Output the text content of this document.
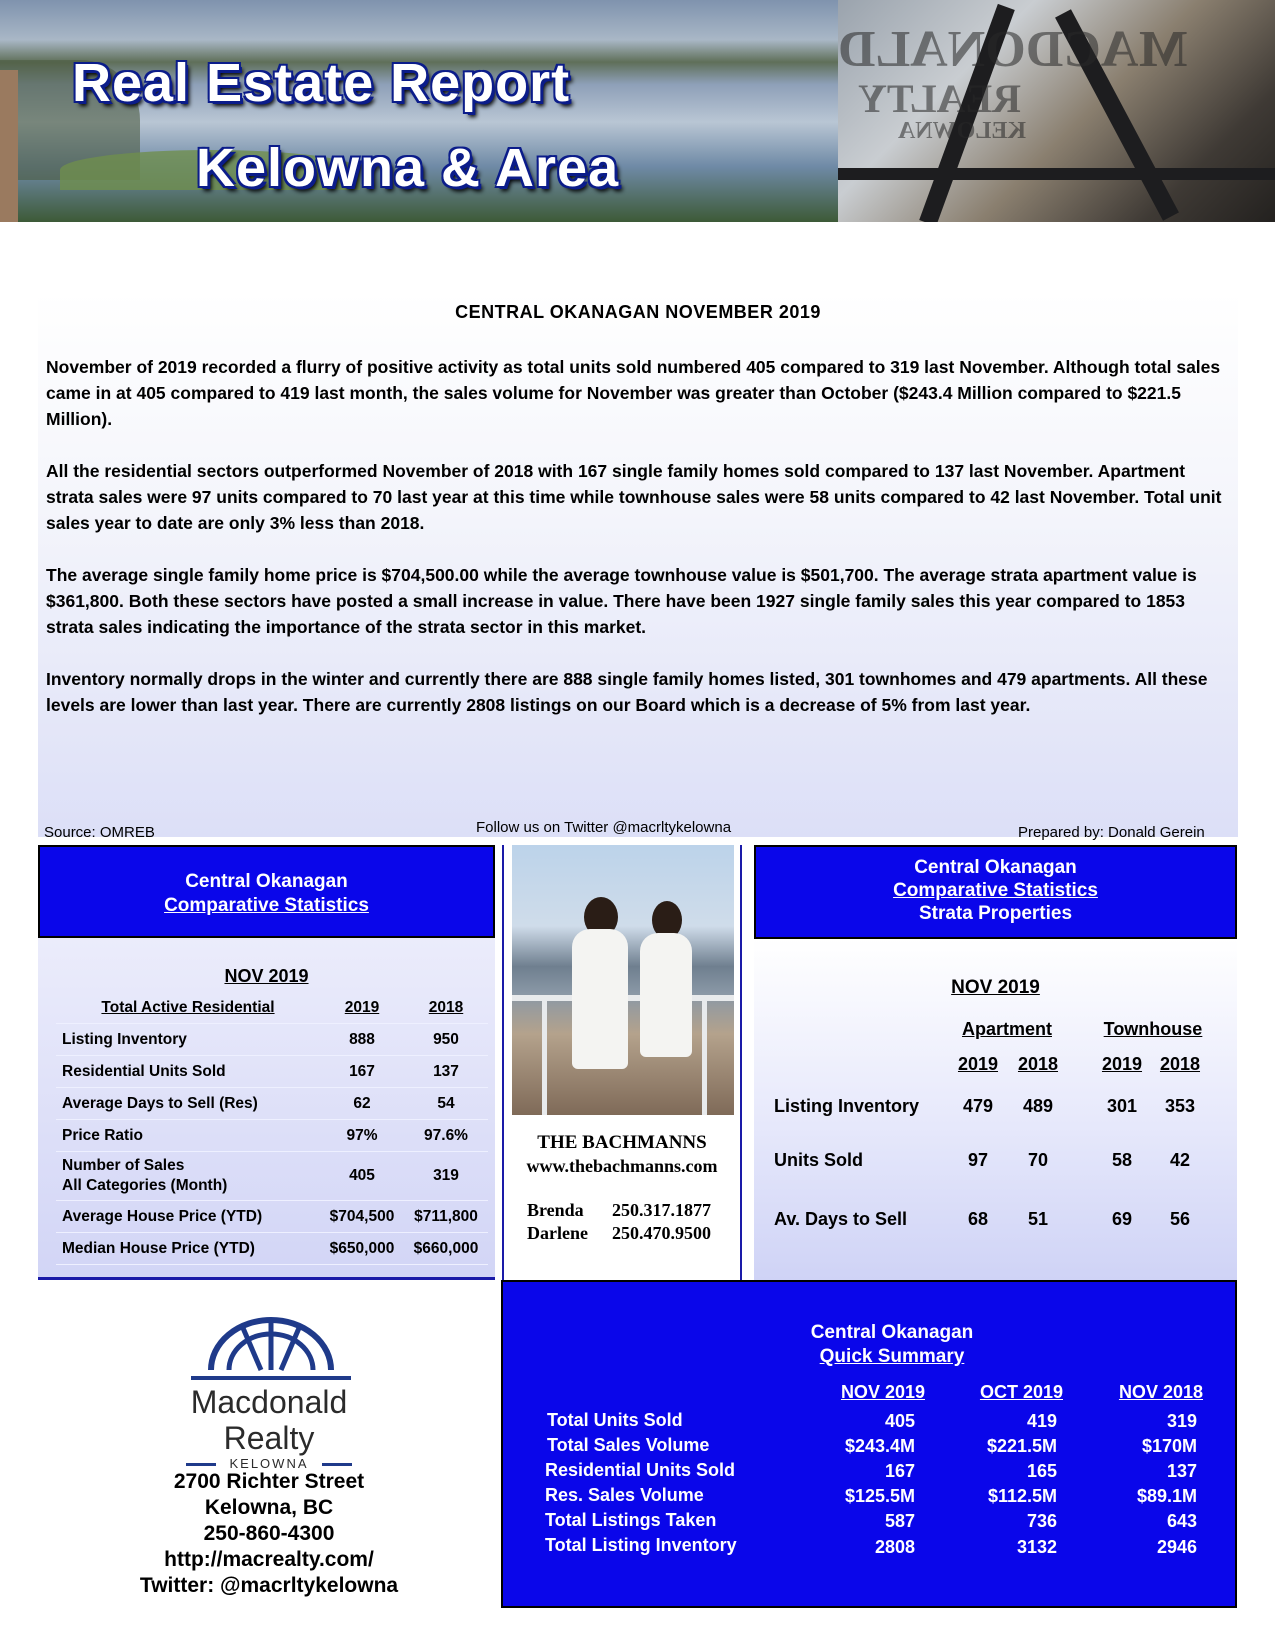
MACDONALD
REALTY
KELOWNA
Real Estate Report
Kelowna & Area
CENTRAL OKANAGAN NOVEMBER 2019
November of 2019 recorded a flurry of positive activity as total units sold numbered 405 compared to 319 last November. Although total sales came in at 405 compared to 419 last month, the sales volume for November was greater than October ($243.4 Million compared to $221.5 Million).
All the residential sectors outperformed November of 2018 with 167 single family homes sold compared to 137 last November. Apartment strata sales were 97 units compared to 70 last year at this time while townhouse sales were 58 units compared to 42 last November. Total unit sales year to date are only 3% less than 2018.
The average single family home price is $704,500.00 while the average townhouse value is $501,700. The average strata apartment value is $361,800. Both these sectors have posted a small increase in value. There have been 1927 single family sales this year compared to 1853 strata sales indicating the importance of the strata sector in this market.
Inventory normally drops in the winter and currently there are 888 single family homes listed, 301 townhomes and 479 apartments. All these levels are lower than last year. There are currently 2808 listings on our Board which is a decrease of 5% from last year.
Source: OMREB	Follow us on Twitter @macrltykelowna	Prepared by: Donald Gerein
Central Okanagan
Comparative Statistics
NOV 2019
Total Active Residential	2019	2018
Listing Inventory	888	950
Residential Units Sold	167	137
Average Days to Sell (Res)	62	54
Price Ratio	97%	97.6%
Number of Sales
All Categories (Month)	405	319
Average House Price (YTD)	$704,500	$711,800
Median House Price (YTD)	$650,000	$660,000
THE BACHMANNS
www.thebachmanns.com
Brenda 250.317.1877
Darlene 250.470.9500
Central Okanagan
Comparative Statistics
Strata Properties
NOV 2019
Apartment	Townhouse
2019	2018	2019 2018
Listing Inventory	479	489	301	353
Units Sold	97	70	58	42
Av. Days to Sell	68	51	69	56
Macdonald
Realty
KELOWNA
2700 Richter Street
Kelowna, BC
250-860-4300
http://macrealty.com/
Twitter: @macrltykelowna
Central Okanagan
Quick Summary
NOV 2019	OCT 2019	NOV 2018
Total Units Sold	405	419	319
Total Sales Volume	$243.4M	$221.5M	$170M
Residential Units Sold	167	165	137
Res. Sales Volume	$125.5M	$112.5M	$89.1M
Total Listings Taken	587	736	643
Total Listing Inventory	2808	3132	2946
